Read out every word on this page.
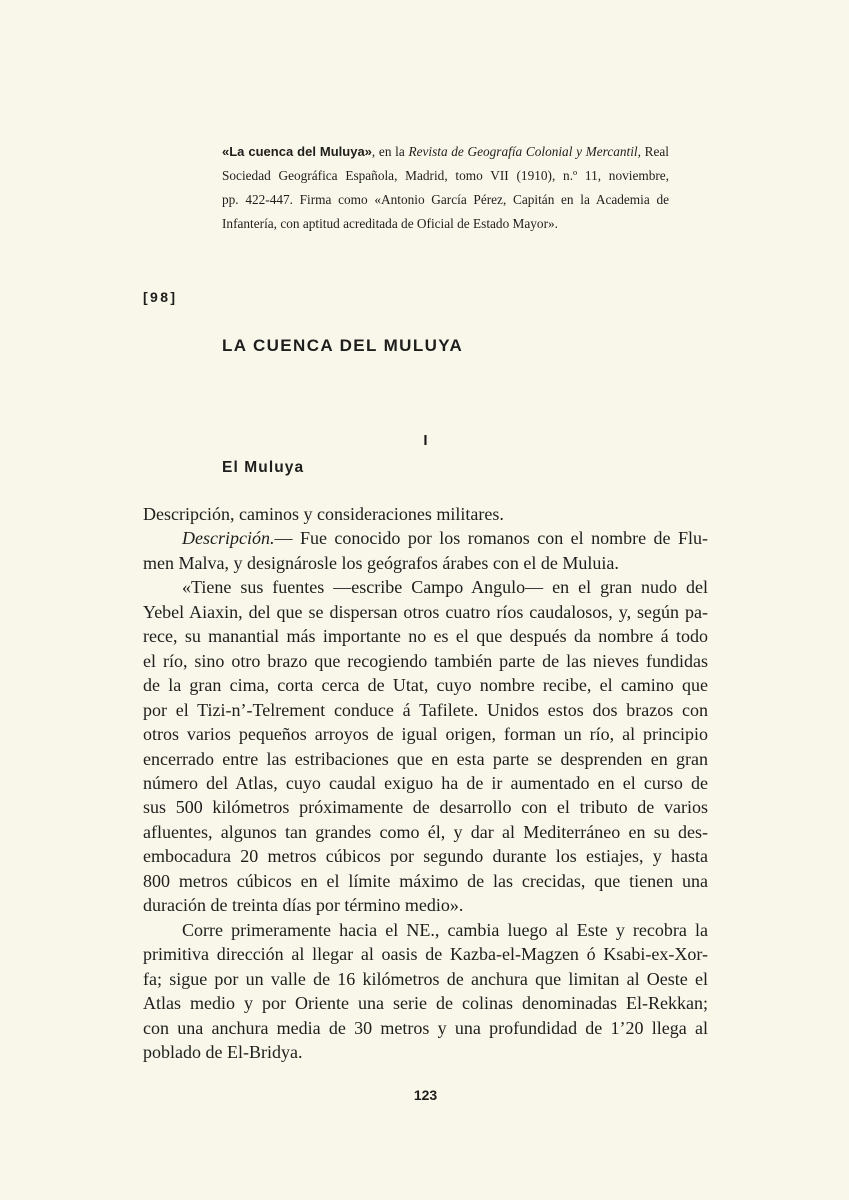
«La cuenca del Muluya», en la Revista de Geografía Colonial y Mercantil, Real
Sociedad Geográfica Española, Madrid, tomo VII (1910), n.º 11, noviembre,
pp. 422-447. Firma como «Antonio García Pérez, Capitán en la Academia de
Infantería, con aptitud acreditada de Oficial de Estado Mayor».
[98]
LA CUENCA DEL MULUYA
I
El Muluya
Descripción, caminos y consideraciones militares.
Descripción.— Fue conocido por los romanos con el nombre de Flu-
men Malva, y designárosle los geógrafos árabes con el de Muluia.
«Tiene sus fuentes —escribe Campo Angulo— en el gran nudo del
Yebel Aiaxin, del que se dispersan otros cuatro ríos caudalosos, y, según pa-
rece, su manantial más importante no es el que después da nombre á todo
el río, sino otro brazo que recogiendo también parte de las nieves fundidas
de la gran cima, corta cerca de Utat, cuyo nombre recibe, el camino que
por el Tizi-n’-Telrement conduce á Tafilete. Unidos estos dos brazos con
otros varios pequeños arroyos de igual origen, forman un río, al principio
encerrado entre las estribaciones que en esta parte se desprenden en gran
número del Atlas, cuyo caudal exiguo ha de ir aumentado en el curso de
sus 500 kilómetros próximamente de desarrollo con el tributo de varios
afluentes, algunos tan grandes como él, y dar al Mediterráneo en su des-
embocadura 20 metros cúbicos por segundo durante los estiajes, y hasta
800 metros cúbicos en el límite máximo de las crecidas, que tienen una
duración de treinta días por término medio».
Corre primeramente hacia el NE., cambia luego al Este y recobra la
primitiva dirección al llegar al oasis de Kazba-el-Magzen ó Ksabi-ex-Xor-
fa; sigue por un valle de 16 kilómetros de anchura que limitan al Oeste el
Atlas medio y por Oriente una serie de colinas denominadas El-Rekkan;
con una anchura media de 30 metros y una profundidad de 1’20 llega al
poblado de El-Bridya.
123
